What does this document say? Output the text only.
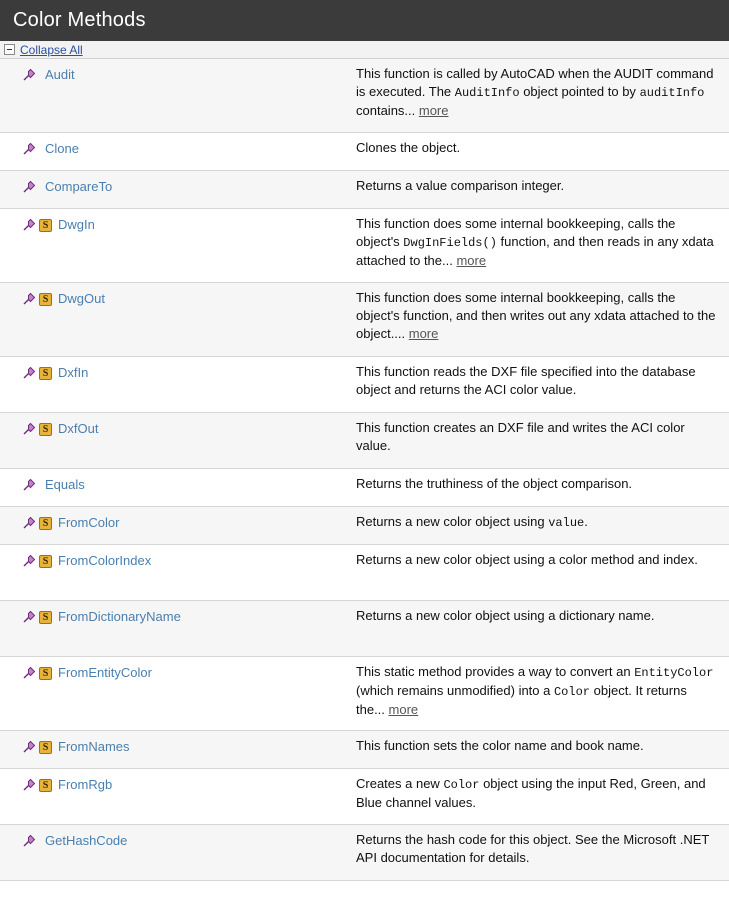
Color Methods
Collapse All
Audit	This function is called by AutoCAD when the AUDIT command is executed. The AuditInfo object pointed to by auditInfo contains... more
Clone	Clones the object.
CompareTo	Returns a value comparison integer.
S DwgIn	This function does some internal bookkeeping, calls the object's DwgInFields() function, and then reads in any xdata attached to the... more
S DwgOut	This function does some internal bookkeeping, calls the object's function, and then writes out any xdata attached to the object.... more
S DxfIn	This function reads the DXF file specified into the database object and returns the ACI color value.
S DxfOut	This function creates an DXF file and writes the ACI color value.
Equals	Returns the truthiness of the object comparison.
S FromColor	Returns a new color object using value.
S FromColorIndex	Returns a new color object using a color method and index.
S FromDictionaryName	Returns a new color object using a dictionary name.
S FromEntityColor	This static method provides a way to convert an EntityColor (which remains unmodified) into a Color object. It returns the... more
S FromNames	This function sets the color name and book name.
S FromRgb	Creates a new Color object using the input Red, Green, and Blue channel values.
GetHashCode	Returns the hash code for this object. See the Microsoft .NET API documentation for details.
